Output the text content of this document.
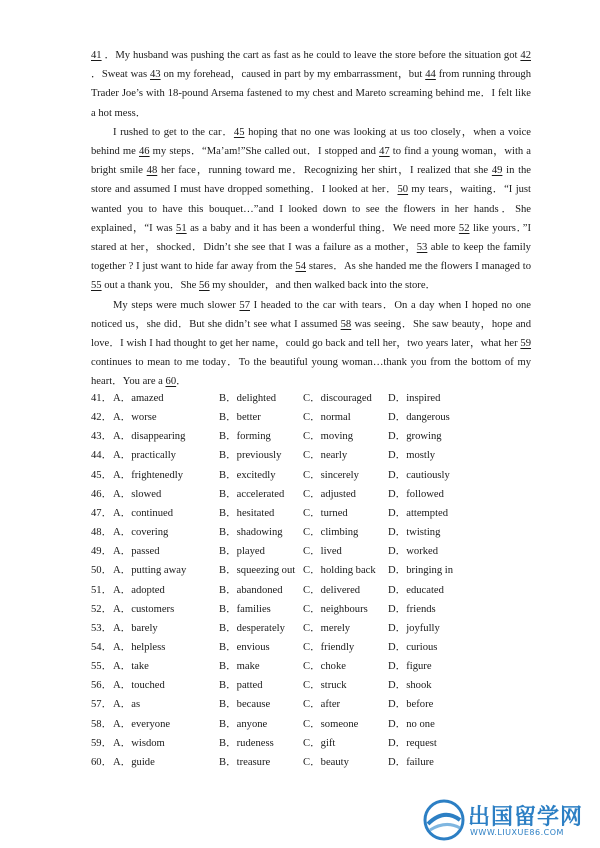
41 ．My husband was pushing the cart as fast as he could to leave the store before the situation got 42 ．Sweat was 43 on my forehead，caused in part by my embarrassment，but 44 from running through Trader Joe’s with 18-pound Arsema fastened to my chest and Mareto screaming behind me．I felt like a hot mess．

I rushed to get to the car．45 hoping that no one was looking at us too closely，when a voice behind me 46 my steps．“Ma’am!”She called out．I stopped and 47 to find a young woman，with a bright smile 48 her face，running toward me．Recognizing her shirt，I realized that she 49 in the store and assumed I must have dropped something．I looked at her．50 my tears，waiting．“I just wanted you to have this bouquet…”and I looked down to see the flowers in her hands．She explained，“I was 51 as a baby and it has been a wonderful thing．We need more 52 like yours．”I stared at her，shocked．Didn’t she see that I was a failure as a mother，53 able to keep the family together ? I just want to hide far away from the 54 stares．As she handed me the flowers I managed to 55 out a thank you．She 56 my shoulder，and then walked back into the store．

My steps were much slower 57 I headed to the car with tears．On a day when I hoped no one noticed us，she did．But she didn’t see what I assumed 58 was seeing．She saw beauty，hope and love．I wish I had thought to get her name，could go back and tell her，two years later，what her 59 continues to mean to me today．To the beautiful young woman…thank you from the bottom of my heart．You are a 60．

41． A．amazed	B．delighted	C．discouraged D．inspired
42． A．worse	B．better	C．normal	D．dangerous
43． A．disappearing	B．forming	C．moving	D．growing
44． A．practically	B．previously C．nearly	D．mostly
45． A．frightenedly	B．excitedly	C．sincerely	D．cautiously
46． A．slowed	B．accelerated C．adjusted	D．followed
47． A．continued	B．hesitated	C．turned	D．attempted
48． A．covering	B．shadowing C．climbing	D．twisting
49． A．passed	B．played	C．lived	D．worked
50． A．putting away	B．squeezing out C．holding back D．bringing in
51． A．adopted	B．abandoned C．delivered	D．educated
52． A．customers	B．families	C．neighbours D．friends
53． A．barely	B．desperately C．merely	D．joyfully
54． A．helpless	B．envious	C．friendly	D．curious
55． A．take	B．make	C．choke	D．figure
56． A．touched	B．patted	C．struck	D．shook
57． A．as	B．because	C．after	D．before
58． A．everyone	B．anyone	C．someone	D．no one
59． A．wisdom	B．rudeness	C．gift	D．request
60． A．guide	B．treasure	C．beauty	D．failure
出国留学网
WWW.LIUXUE86.COM
